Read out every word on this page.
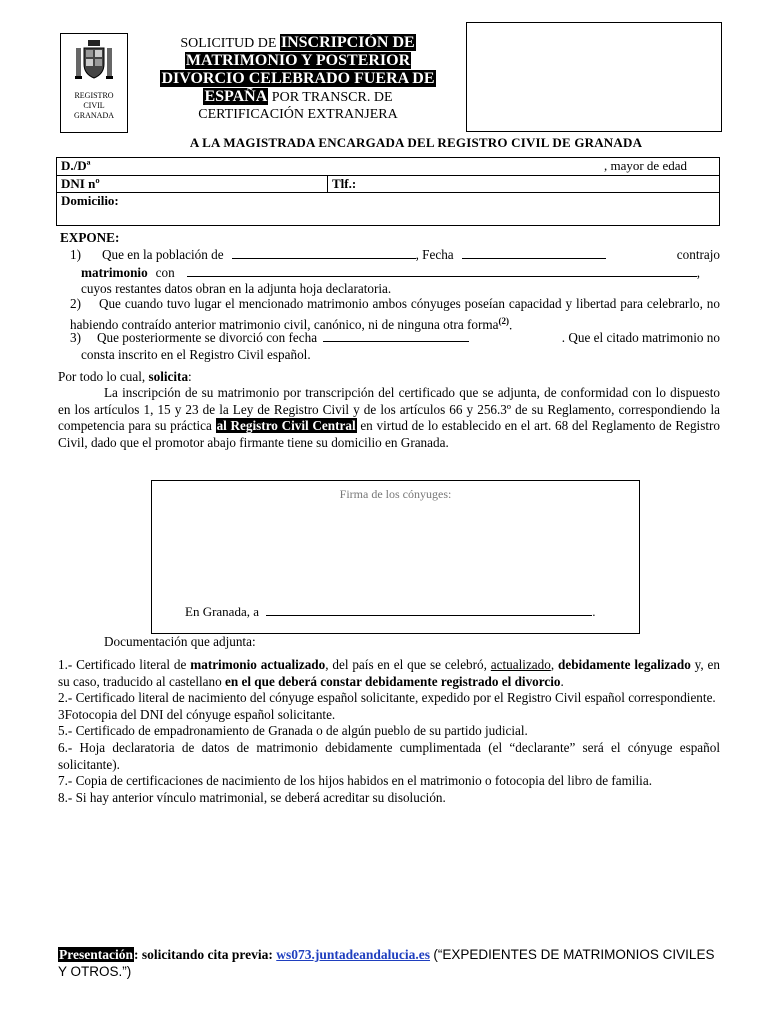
REGISTRO
CIVIL
GRANADA
SOLICITUD DE INSCRIPCIÓN DE
MATRIMONIO Y POSTERIOR
DIVORCIO CELEBRADO FUERA DE
ESPAÑA POR TRANSCR. DE
CERTIFICACIÓN EXTRANJERA
A LA MAGISTRADA ENCARGADA DEL REGISTRO CIVIL DE GRANADA
D./Dª	, mayor de edad

DNI nº	Tlf.:
Domicilio:
EXPONE:
1) Que en la población de	, Fecha	contrajo
matrimonio con	,
cuyos restantes datos obran en la adjunta hoja declaratoria.
2) Que cuando tuvo lugar el mencionado matrimonio ambos cónyuges poseían capacidad y libertad para celebrarlo, no habiendo contraído anterior matrimonio civil, canónico, ni de ninguna otra forma$^{(2)}$.
3) Que posteriormente se divorció con fecha	. Que el citado matrimonio no
consta inscrito en el Registro Civil español.
Por todo lo cual, solicita:
La inscripción de su matrimonio por transcripción del certificado que se adjunta, de conformidad con lo dispuesto en los artículos 1, 15 y 23 de la Ley de Registro Civil y de los artículos 66 y 256.3º de su Reglamento, correspondiendo la competencia para su práctica al Registro Civil Central en virtud de lo establecido en el art. 68 del Reglamento de Registro Civil, dado que el promotor abajo firmante tiene su domicilio en Granada.
Firma de los cónyuges:
En Granada, a	.
Documentación que adjunta:
1.- Certificado literal de matrimonio actualizado, del país en el que se celebró, actualizado, debidamente legalizado y, en su caso, traducido al castellano en el que deberá constar debidamente registrado el divorcio.
2.- Certificado literal de nacimiento del cónyuge español solicitante, expedido por el Registro Civil español correspondiente.
3Fotocopia del DNI del cónyuge español solicitante.
5.- Certificado de empadronamiento de Granada o de algún pueblo de su partido judicial.
6.- Hoja declaratoria de datos de matrimonio debidamente cumplimentada (el “declarante” será el cónyuge español solicitante).
7.- Copia de certificaciones de nacimiento de los hijos habidos en el matrimonio o fotocopia del libro de familia.
8.- Si hay anterior vínculo matrimonial, se deberá acreditar su disolución.
Presentación: solicitando cita previa: ws073.juntadeandalucia.es (“EXPEDIENTES DE MATRIMONIOS CIVILES Y OTROS.”)
